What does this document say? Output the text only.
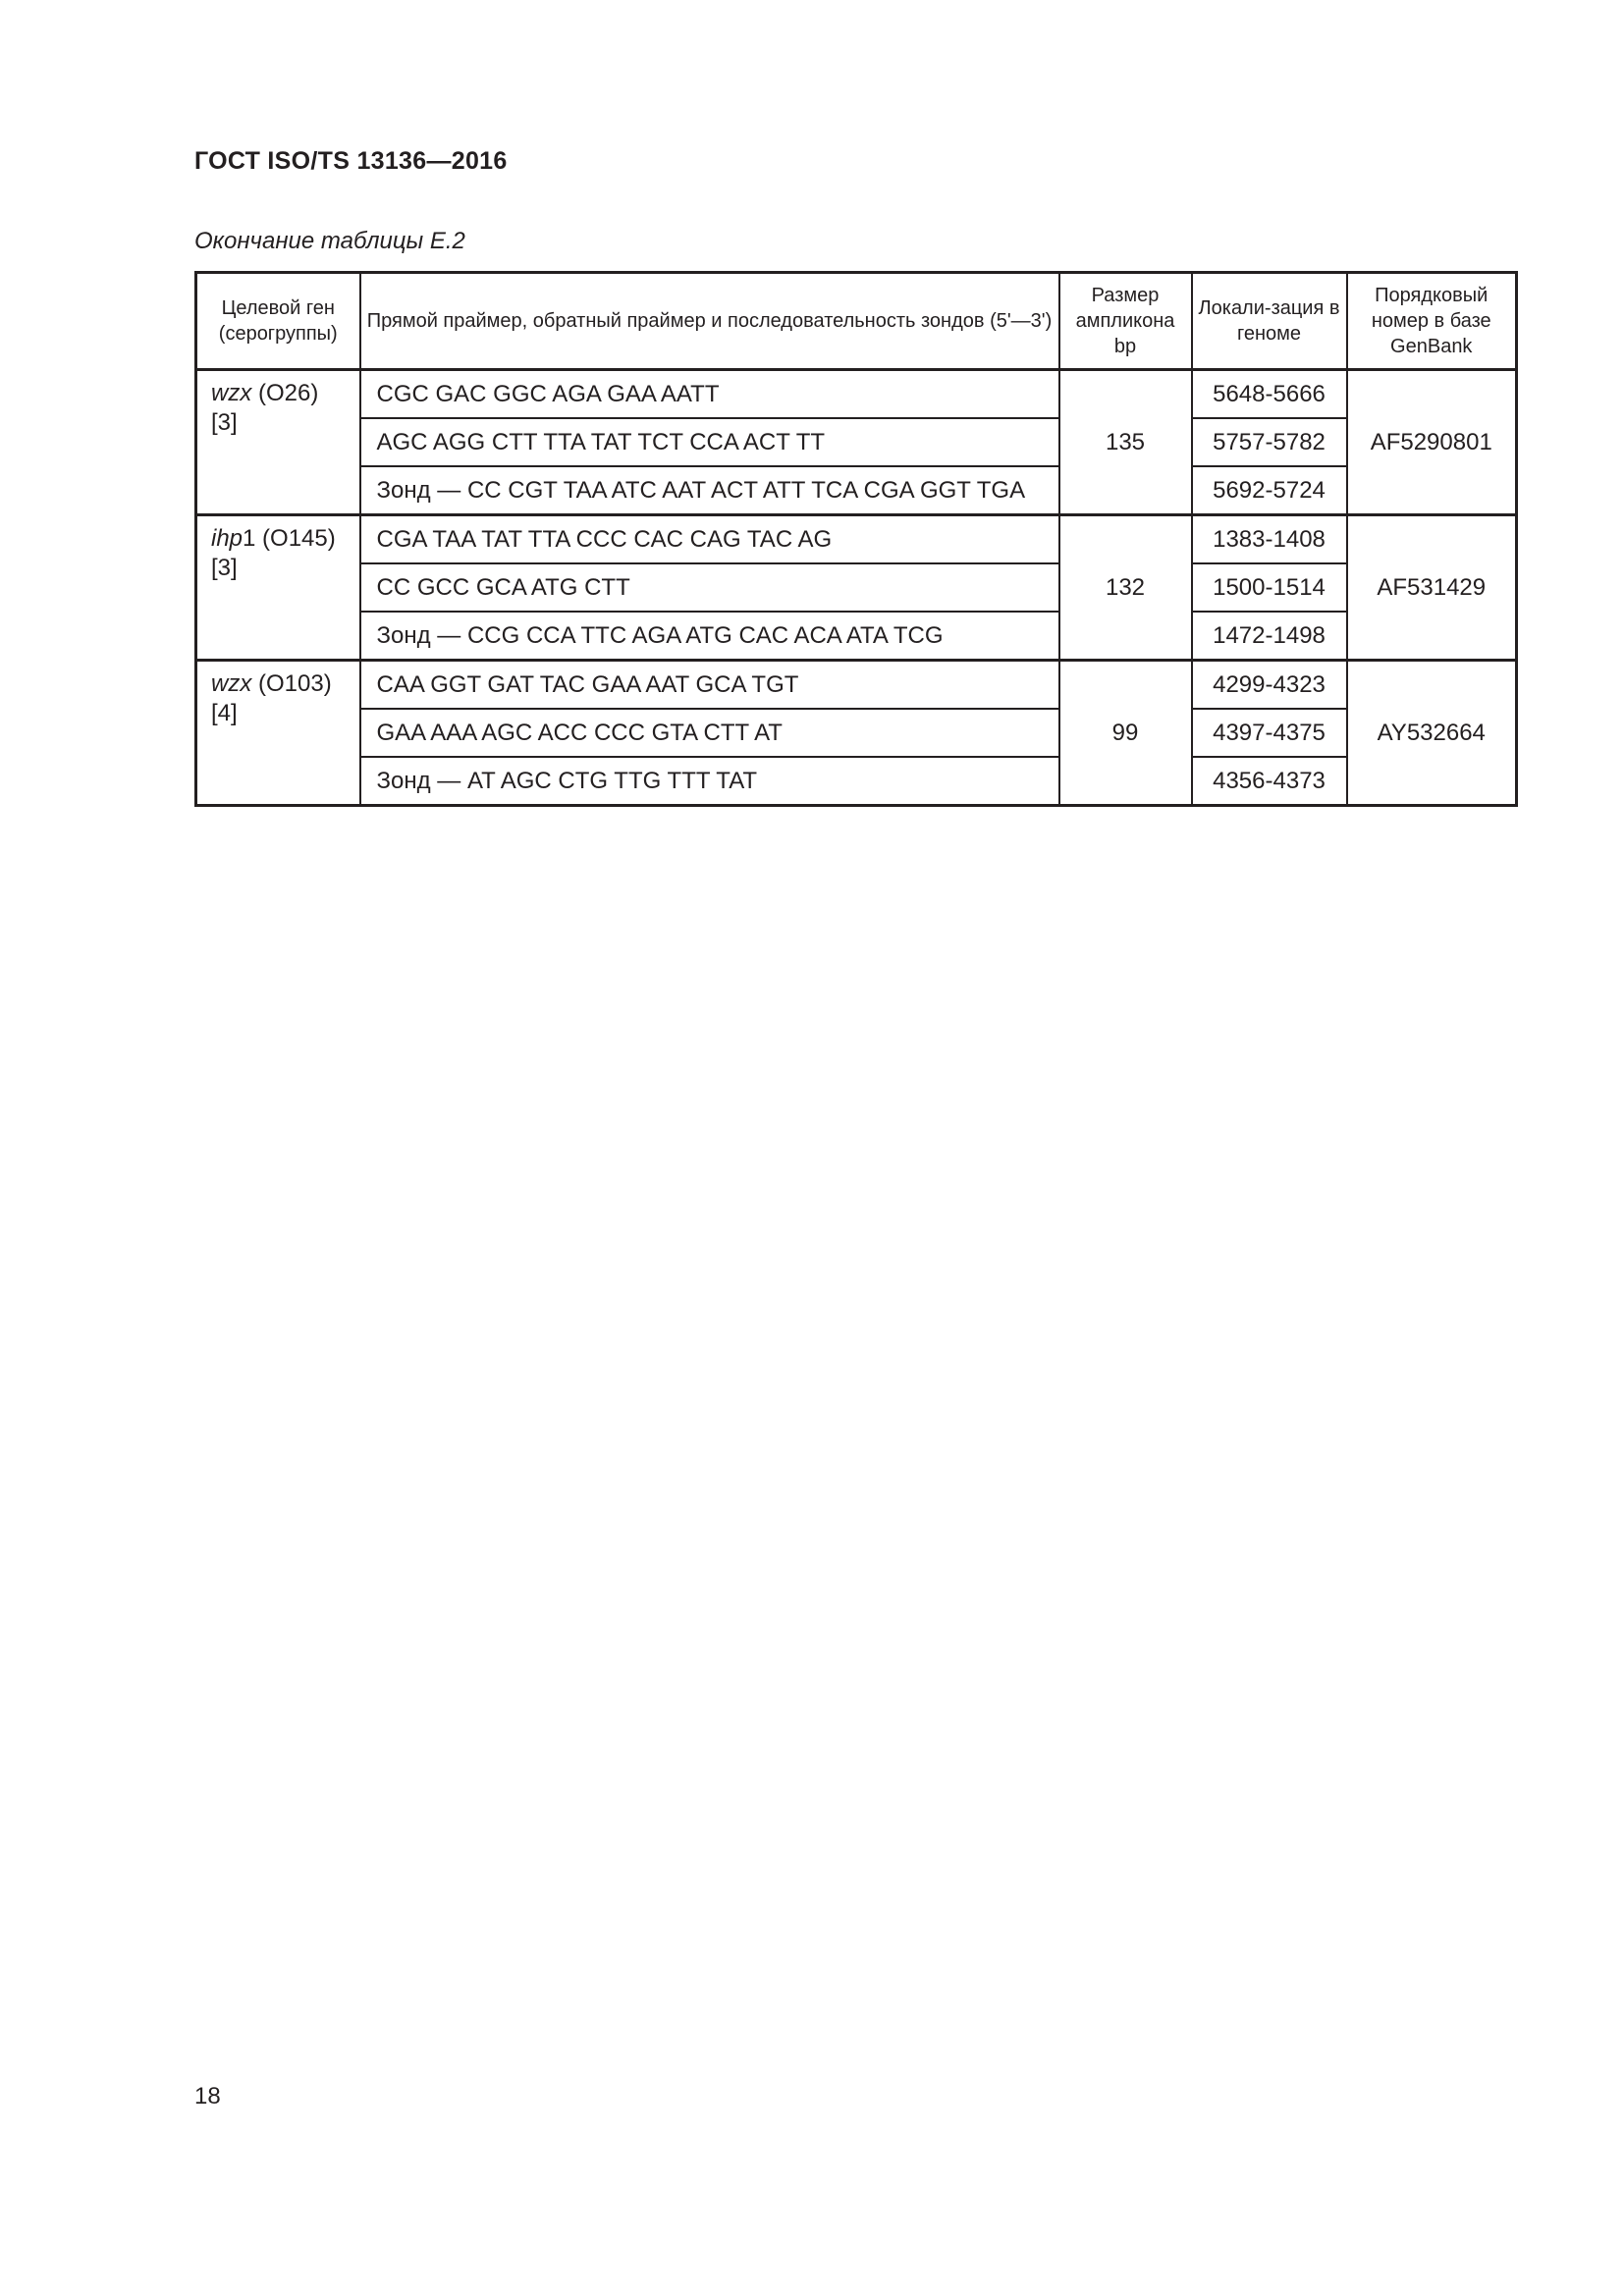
ГОСТ ISO/TS 13136—2016
Окончание таблицы E.2
Целевой ген (серогруппы)	Прямой праймер, обратный праймер и последовательность зондов (5'—3')	Размер ампликона bp	Локали-зация в геноме	Порядковый номер в базе GenBank
wzx (O26)
[3]	CGC GAC GGC AGA GAA AATT	135	5648-5666	AF5290801
	AGC AGG CTT TTA TAT TCT CCA ACT TT		5757-5782	
	Зонд — CC CGT TAA ATC AAT ACT ATT TCA CGA GGT TGA		5692-5724	
ihp1 (O145)
[3]	CGA TAA TAT TTA CCC CAC CAG TAC AG	132	1383-1408	AF531429
	CC GCC GCA ATG CTT		1500-1514	
	Зонд — CCG CCA TTC AGA ATG CAC ACA ATA TCG		1472-1498	
wzx (O103)
[4]	CAA GGT GAT TAC GAA AAT GCA TGT	99	4299-4323	AY532664
	GAA AAA AGC ACC CCC GTA CTT AT		4397-4375	
	Зонд — AT AGC CTG TTG TTT TAT		4356-4373	
18
